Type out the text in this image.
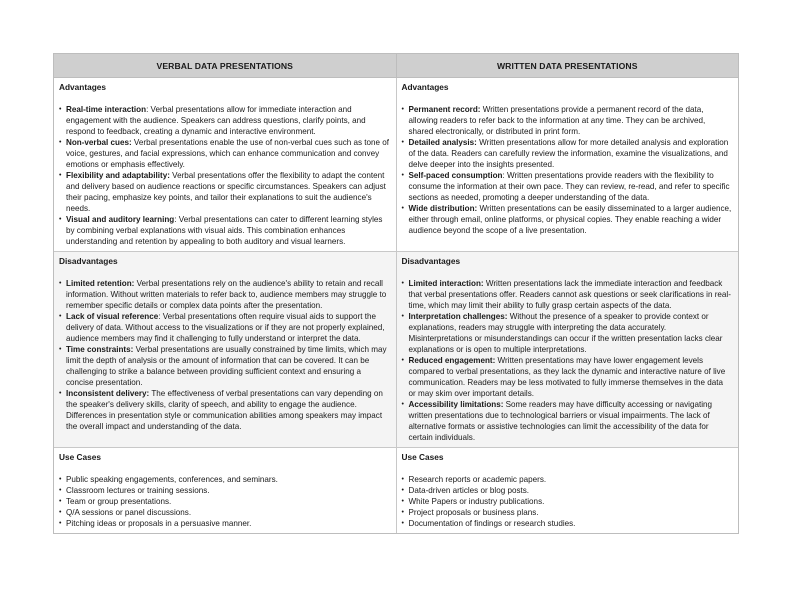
VERBAL DATA PRESENTATIONS	WRITTEN DATA PRESENTATIONS
Advantages
• Real-time interaction: Verbal presentations allow for immediate interaction and engagement with the audience. Speakers can address questions, clarify points, and respond to feedback, creating a dynamic and interactive environment.
• Non-verbal cues: Verbal presentations enable the use of non-verbal cues such as tone of voice, gestures, and facial expressions, which can enhance communication and convey emotions or emphasis effectively.
• Flexibility and adaptability: Verbal presentations offer the flexibility to adapt the content and delivery based on audience reactions or specific circumstances. Speakers can adjust their pacing, emphasize key points, and tailor their explanations to suit the audience's needs.
• Visual and auditory learning: Verbal presentations can cater to different learning styles by combining verbal explanations with visual aids. This combination enhances understanding and retention by appealing to both auditory and visual learners.
Advantages
• Permanent record: Written presentations provide a permanent record of the data, allowing readers to refer back to the information at any time. They can be archived, shared electronically, or distributed in print form.
• Detailed analysis: Written presentations allow for more detailed analysis and exploration of the data. Readers can carefully review the information, examine the visualizations, and delve deeper into the insights presented.
• Self-paced consumption: Written presentations provide readers with the flexibility to consume the information at their own pace. They can review, re-read, and refer to specific sections as needed, promoting a deeper understanding of the data.
• Wide distribution: Written presentations can be easily disseminated to a larger audience, either through email, online platforms, or physical copies. They enable reaching a wider audience beyond the scope of a live presentation.
Disadvantages
• Limited retention: Verbal presentations rely on the audience's ability to retain and recall information. Without written materials to refer back to, audience members may struggle to remember specific details or complex data points after the presentation.
• Lack of visual reference: Verbal presentations often require visual aids to support the delivery of data. Without access to the visualizations or if they are not properly explained, audience members may find it challenging to fully understand or interpret the data.
• Time constraints: Verbal presentations are usually constrained by time limits, which may limit the depth of analysis or the amount of information that can be covered. It can be challenging to strike a balance between providing sufficient context and ensuring a concise presentation.
• Inconsistent delivery: The effectiveness of verbal presentations can vary depending on the speaker's delivery skills, clarity of speech, and ability to engage the audience. Differences in presentation style or communication abilities among speakers may impact the overall impact and understanding of the data.
Disadvantages
• Limited interaction: Written presentations lack the immediate interaction and feedback that verbal presentations offer. Readers cannot ask questions or seek clarifications in real-time, which may limit their ability to fully grasp certain aspects of the data.
• Interpretation challenges: Without the presence of a speaker to provide context or explanations, readers may struggle with interpreting the data accurately. Misinterpretations or misunderstandings can occur if the written presentation lacks clear explanations or is open to multiple interpretations.
• Reduced engagement: Written presentations may have lower engagement levels compared to verbal presentations, as they lack the dynamic and interactive nature of live communication. Readers may be less motivated to fully immerse themselves in the data or may skim over important details.
• Accessibility limitations: Some readers may have difficulty accessing or navigating written presentations due to technological barriers or visual impairments. The lack of alternative formats or assistive technologies can limit the accessibility of the data for certain individuals.
Use Cases
• Public speaking engagements, conferences, and seminars.
• Classroom lectures or training sessions.
• Team or group presentations.
• Q/A sessions or panel discussions.
• Pitching ideas or proposals in a persuasive manner.
Use Cases
• Research reports or academic papers.
• Data-driven articles or blog posts.
• White Papers or industry publications.
• Project proposals or business plans.
• Documentation of findings or research studies.
